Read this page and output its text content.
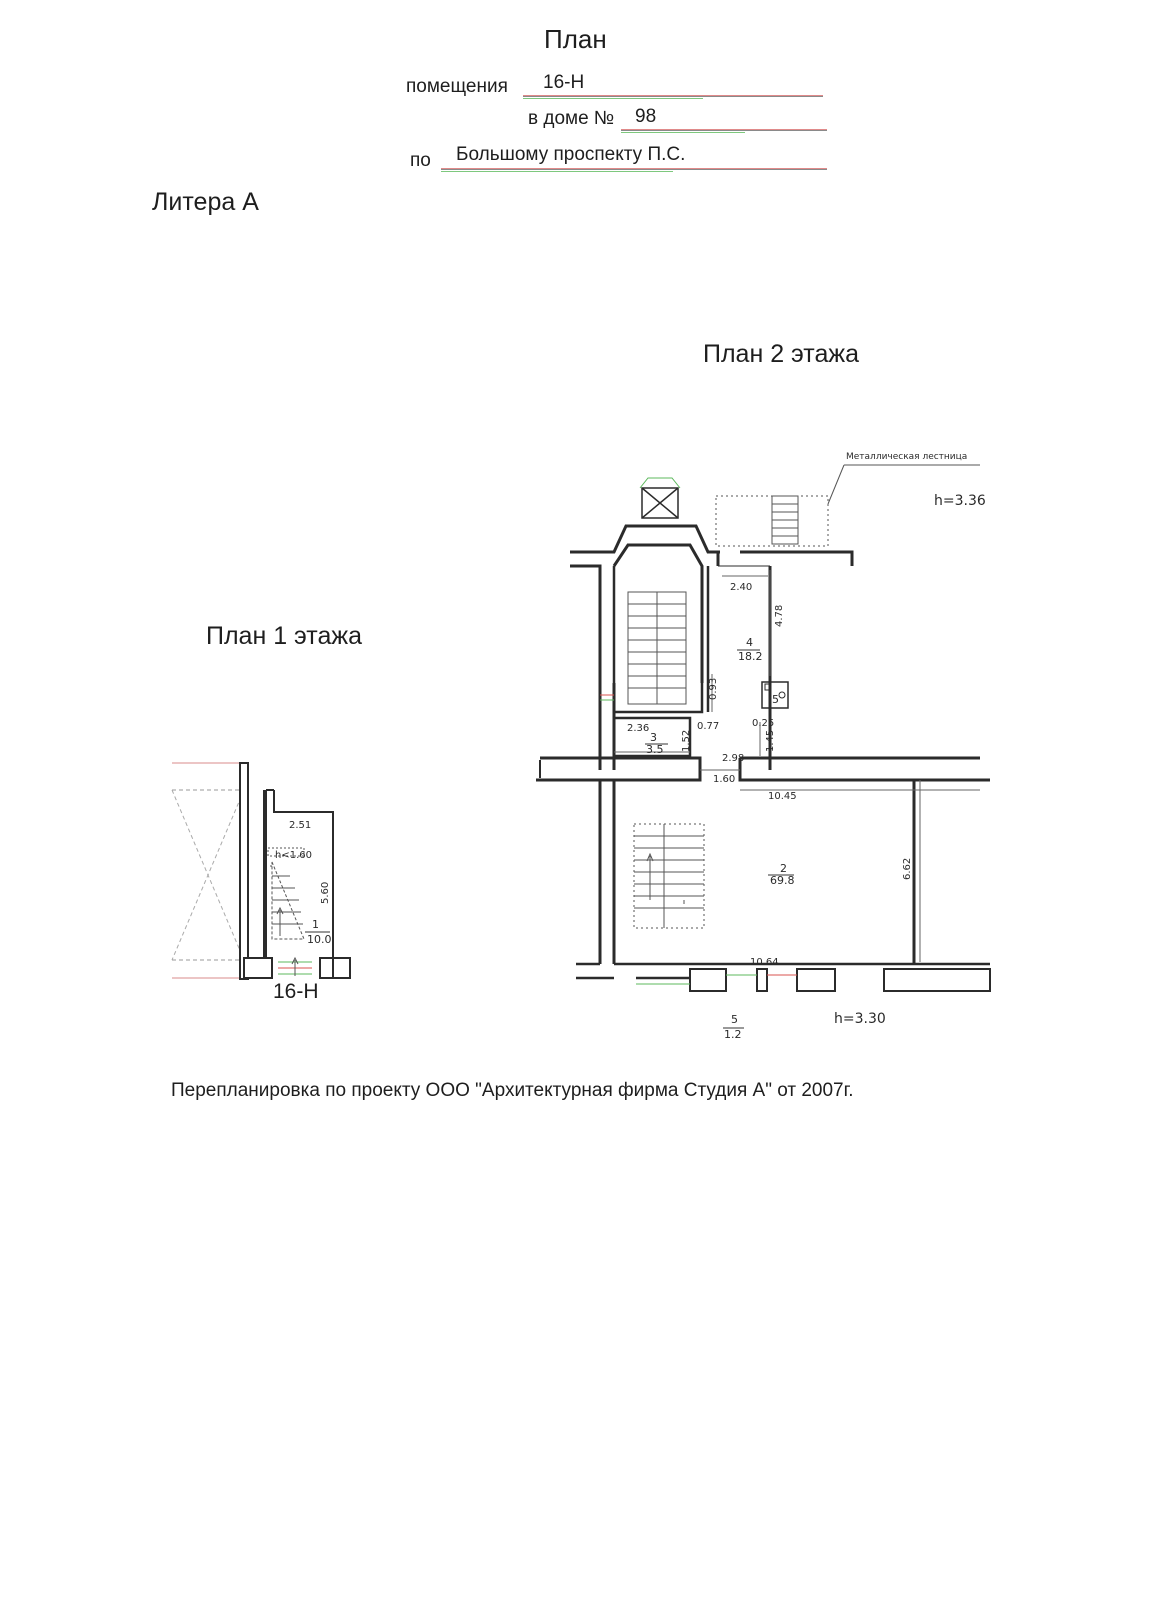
План
помещения 16-Н
в доме № 98
по Большому проспекту П.С.
Литера А
План 2 этажа
План 1 этажа
16-Н
Перепланировка по проекту ООО "Архитектурная фирма Студия А" от 2007г.
2.51
h<1.60
5.60
1
10.0
Металлическая лестница
h=3.36
2.40
4.78
4
18.2
0.93	5
2.36	0.77
1.52
0.25
1.45
3
3.5
2.98
1.60
10.45
6.62
2
69.8
10.64
5
1.2
h=3.30
